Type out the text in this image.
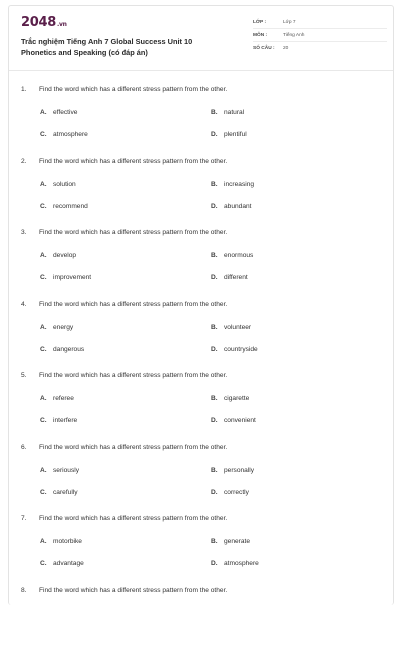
2048.vn
Trắc nghiệm Tiếng Anh 7 Global Success Unit 10
Phonetics and Speaking (có đáp án)
LỚP :	Lớp 7
MÔN :	Tiếng Anh
SỐ CÂU :	20
1. Find the word which has a different stress pattern from the other.
A. effective	B. natural
C. atmosphere	D. plentiful
2. Find the word which has a different stress pattern from the other.
A. solution	B. increasing
C. recommend	D. abundant
3. Find the word which has a different stress pattern from the other.
A. develop	B. enormous
C. improvement	D. different
4. Find the word which has a different stress pattern from the other.
A. energy	B. volunteer
C. dangerous	D. countryside
5. Find the word which has a different stress pattern from the other.
A. referee	B. cigarette
C. interfere	D. convenient
6. Find the word which has a different stress pattern from the other.
A. seriously	B. personally
C. carefully	D. correctly
7. Find the word which has a different stress pattern from the other.
A. motorbike	B. generate
C. advantage	D. atmosphere
8. Find the word which has a different stress pattern from the other.
